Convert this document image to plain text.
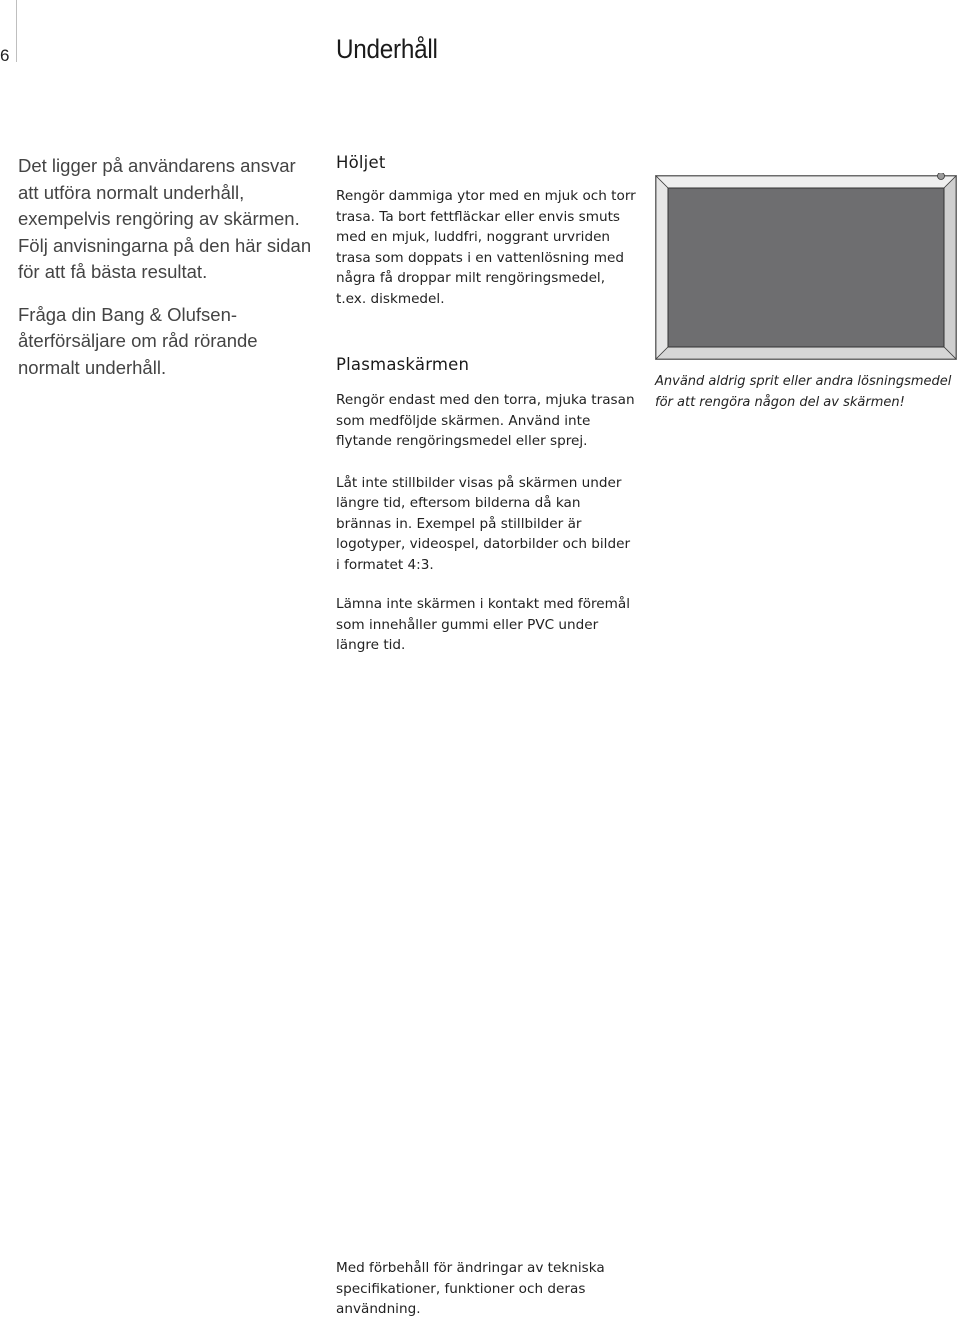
6	Underhåll

Det ligger på användarens ansvar att utföra normalt underhåll, exempelvis rengöring av skärmen. Följ anvisningarna på den här sidan för att få bästa resultat.

Fråga din Bang & Olufsen-återförsäljare om råd rörande normalt underhåll.

Höljet

Rengör dammiga ytor med en mjuk och torr trasa. Ta bort fettfläckar eller envis smuts med en mjuk, luddfri, noggrant urvriden trasa som doppats i en vattenlösning med några få droppar milt rengöringsmedel, t.ex. diskmedel.

Plasmaskärmen

Rengör endast med den torra, mjuka trasan som medföljde skärmen. Använd inte flytande rengöringsmedel eller sprej.

Låt inte stillbilder visas på skärmen under längre tid, eftersom bilderna då kan brännas in. Exempel på stillbilder är logotyper, videospel, datorbilder och bilder i formatet 4:3.

Lämna inte skärmen i kontakt med föremål som innehåller gummi eller PVC under längre tid.

Använd aldrig sprit eller andra lösningsmedel för att rengöra någon del av skärmen!

Med förbehåll för ändringar av tekniska specifikationer, funktioner och deras användning.
